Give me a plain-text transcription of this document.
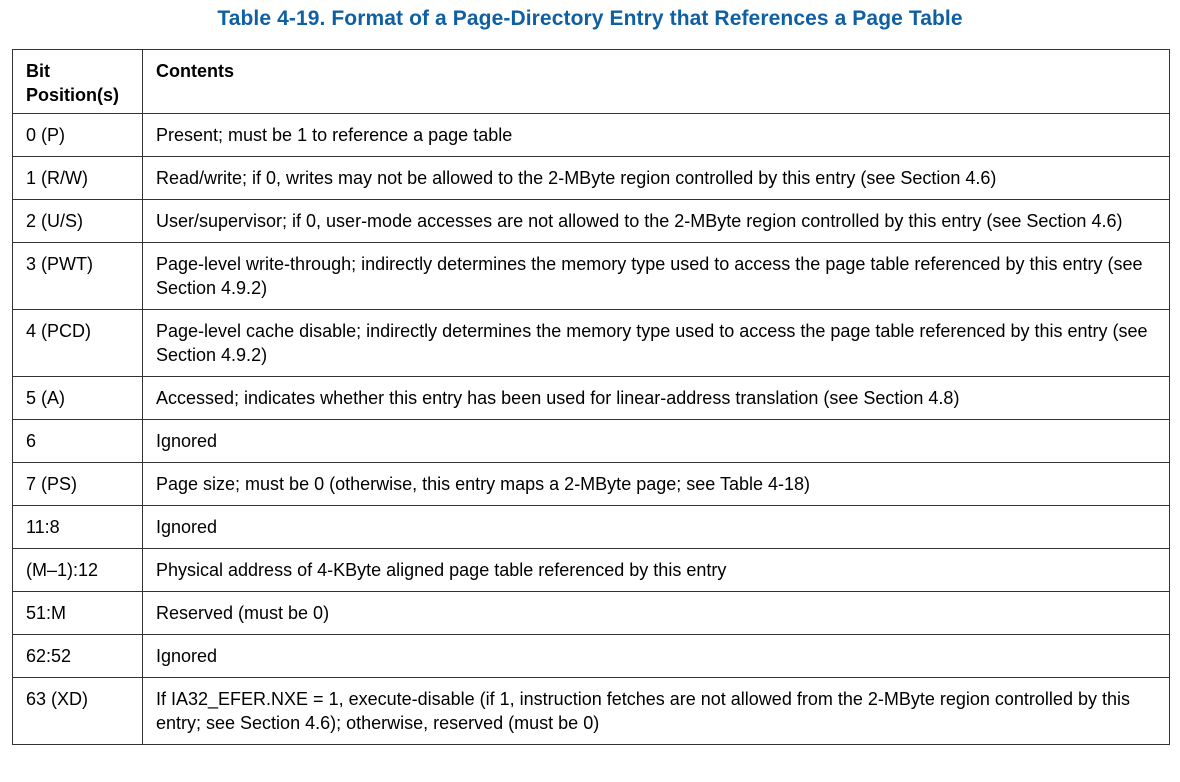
Table 4-19. Format of a Page-Directory Entry that References a Page Table
Bit Position(s)	Contents
0 (P)	Present; must be 1 to reference a page table
1 (R/W)	Read/write; if 0, writes may not be allowed to the 2-MByte region controlled by this entry (see Section 4.6)
2 (U/S)	User/supervisor; if 0, user-mode accesses are not allowed to the 2-MByte region controlled by this entry (see Section 4.6)
3 (PWT)	Page-level write-through; indirectly determines the memory type used to access the page table referenced by this entry (see Section 4.9.2)
4 (PCD)	Page-level cache disable; indirectly determines the memory type used to access the page table referenced by this entry (see Section 4.9.2)
5 (A)	Accessed; indicates whether this entry has been used for linear-address translation (see Section 4.8)
6	Ignored
7 (PS)	Page size; must be 0 (otherwise, this entry maps a 2-MByte page; see Table 4-18)
11:8	Ignored
(M–1):12	Physical address of 4-KByte aligned page table referenced by this entry
51:M	Reserved (must be 0)
62:52	Ignored
63 (XD)	If IA32_EFER.NXE = 1, execute-disable (if 1, instruction fetches are not allowed from the 2-MByte region controlled by this entry; see Section 4.6); otherwise, reserved (must be 0)
